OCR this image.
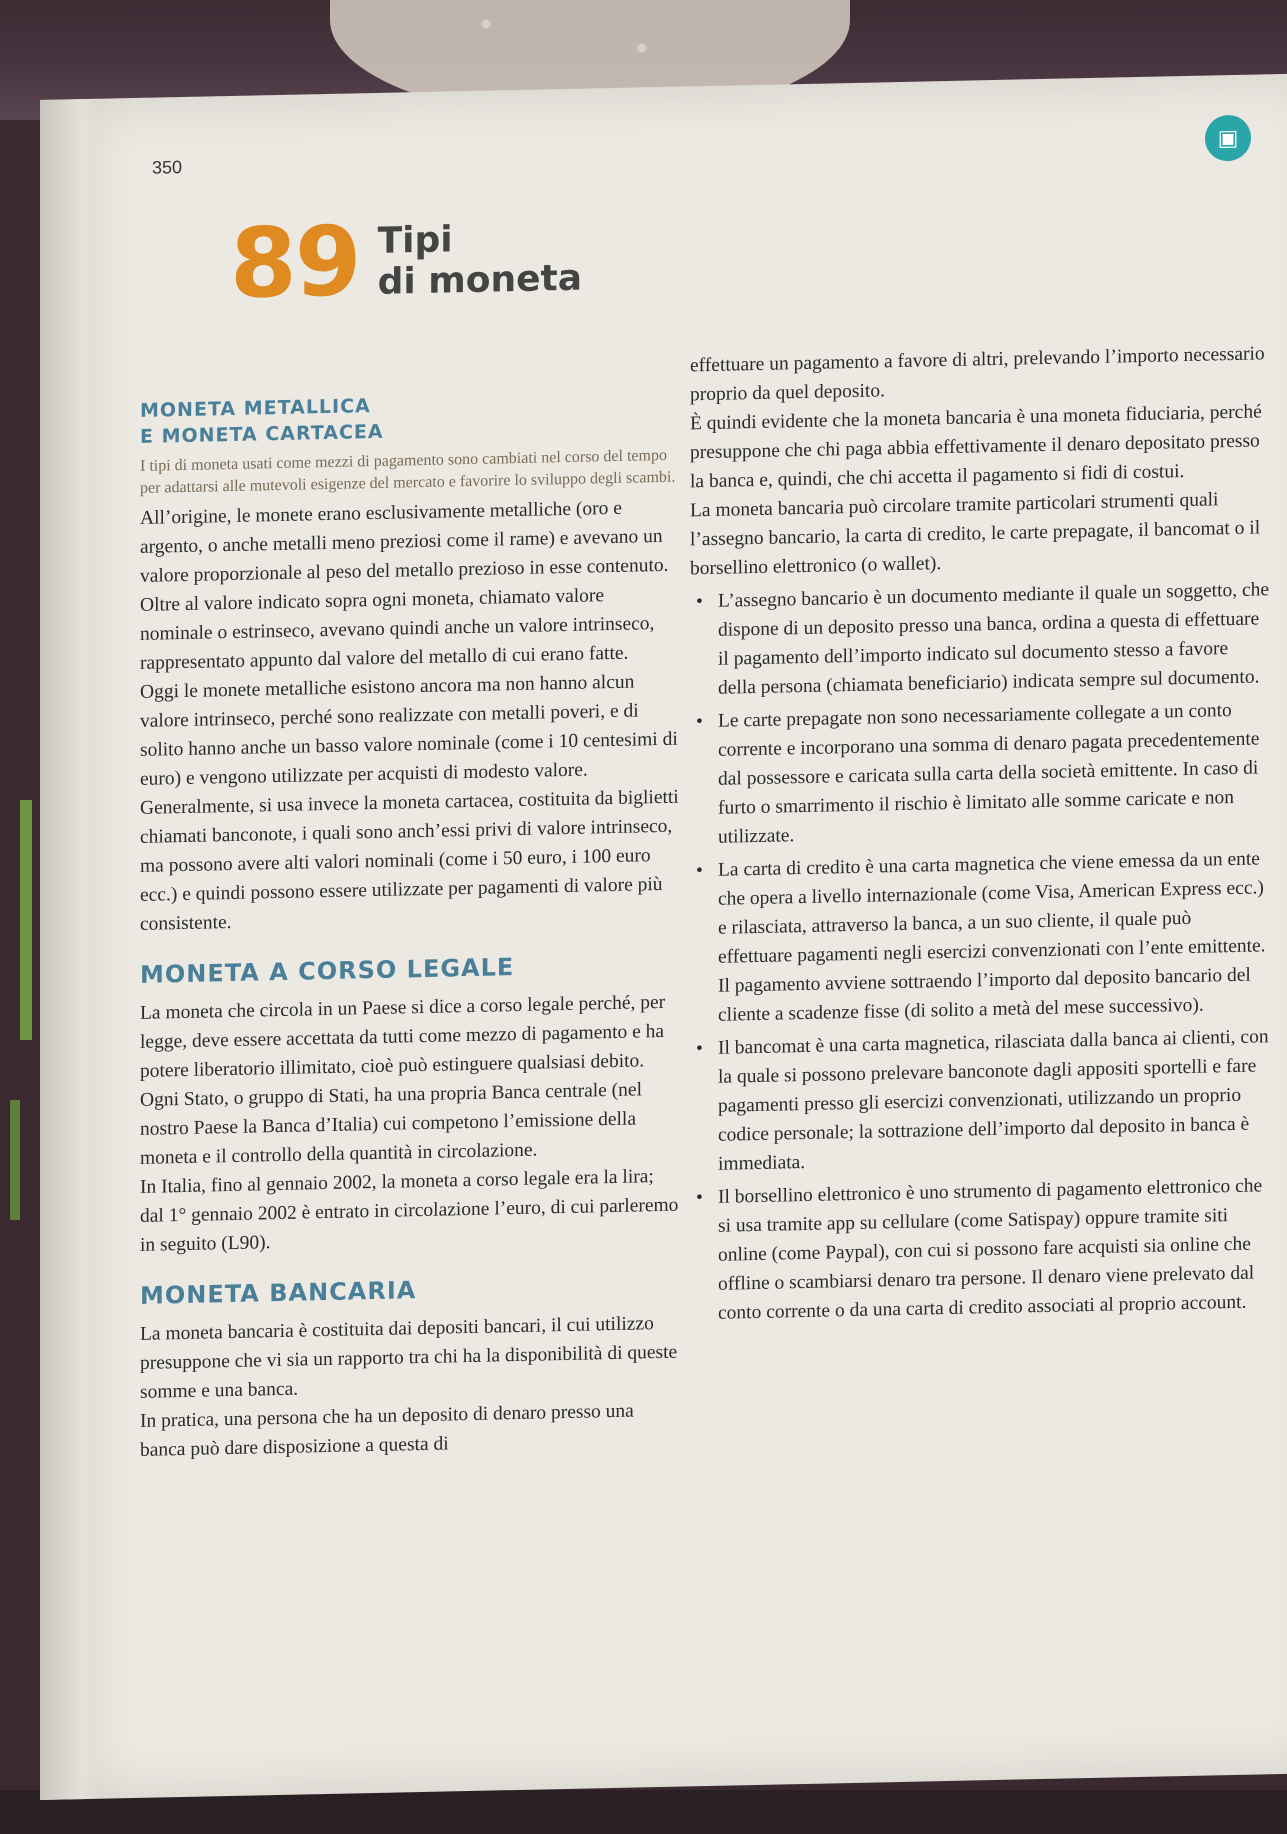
350
▣
89 Tipi
di moneta
MONETA METALLICA
E MONETA CARTACEA

I tipi di moneta usati come mezzi di pagamento sono cambiati nel corso del tempo per adattarsi alle mutevoli esigenze del mercato e favorire lo sviluppo degli scambi.

All’origine, le monete erano esclusivamente metalliche (oro e argento, o anche metalli meno preziosi come il rame) e avevano un valore proporzionale al peso del metallo prezioso in esse contenuto. Oltre al valore indicato sopra ogni moneta, chiamato valore nominale o estrinseco, avevano quindi anche un valore intrinseco, rappresentato appunto dal valore del metallo di cui erano fatte.

Oggi le monete metalliche esistono ancora ma non hanno alcun valore intrinseco, perché sono realizzate con metalli poveri, e di solito hanno anche un basso valore nominale (come i 10 centesimi di euro) e vengono utilizzate per acquisti di modesto valore.

Generalmente, si usa invece la moneta cartacea, costituita da biglietti chiamati banconote, i quali sono anch’essi privi di valore intrinseco, ma possono avere alti valori nominali (come i 50 euro, i 100 euro ecc.) e quindi possono essere utilizzate per pagamenti di valore più consistente.

MONETA A CORSO LEGALE

La moneta che circola in un Paese si dice a corso legale perché, per legge, deve essere accettata da tutti come mezzo di pagamento e ha potere liberatorio illimitato, cioè può estinguere qualsiasi debito.

Ogni Stato, o gruppo di Stati, ha una propria Banca centrale (nel nostro Paese la Banca d’Italia) cui competono l’emissione della moneta e il controllo della quantità in circolazione.

In Italia, fino al gennaio 2002, la moneta a corso legale era la lira; dal 1° gennaio 2002 è entrato in circolazione l’euro, di cui parleremo in seguito (L90).

MONETA BANCARIA

La moneta bancaria è costituita dai depositi bancari, il cui utilizzo presuppone che vi sia un rapporto tra chi ha la disponibilità di queste somme e una banca.

In pratica, una persona che ha un deposito di denaro presso una banca può dare disposizione a questa di

effettuare un pagamento a favore di altri, prelevando l’importo necessario proprio da quel deposito.

È quindi evidente che la moneta bancaria è una moneta fiduciaria, perché presuppone che chi paga abbia effettivamente il denaro depositato presso la banca e, quindi, che chi accetta il pagamento si fidi di costui.

La moneta bancaria può circolare tramite particolari strumenti quali l’assegno bancario, la carta di credito, le carte prepagate, il bancomat o il borsellino elettronico (o wallet).

• L’assegno bancario è un documento mediante il quale un soggetto, che dispone di un deposito presso una banca, ordina a questa di effettuare il pagamento dell’importo indicato sul documento stesso a favore della persona (chiamata beneficiario) indicata sempre sul documento.
• Le carte prepagate non sono necessariamente collegate a un conto corrente e incorporano una somma di denaro pagata precedentemente dal possessore e caricata sulla carta della società emittente. In caso di furto o smarrimento il rischio è limitato alle somme caricate e non utilizzate.
• La carta di credito è una carta magnetica che viene emessa da un ente che opera a livello internazionale (come Visa, American Express ecc.) e rilasciata, attraverso la banca, a un suo cliente, il quale può effettuare pagamenti negli esercizi convenzionati con l’ente emittente. Il pagamento avviene sottraendo l’importo dal deposito bancario del cliente a scadenze fisse (di solito a metà del mese successivo).
• Il bancomat è una carta magnetica, rilasciata dalla banca ai clienti, con la quale si possono prelevare banconote dagli appositi sportelli e fare pagamenti presso gli esercizi convenzionati, utilizzando un proprio codice personale; la sottrazione dell’importo dal deposito in banca è immediata.
• Il borsellino elettronico è uno strumento di pagamento elettronico che si usa tramite app su cellulare (come Satispay) oppure tramite siti online (come Paypal), con cui si possono fare acquisti sia online che offline o scambiarsi denaro tra persone. Il denaro viene prelevato dal conto corrente o da una carta di credito associati al proprio account.
